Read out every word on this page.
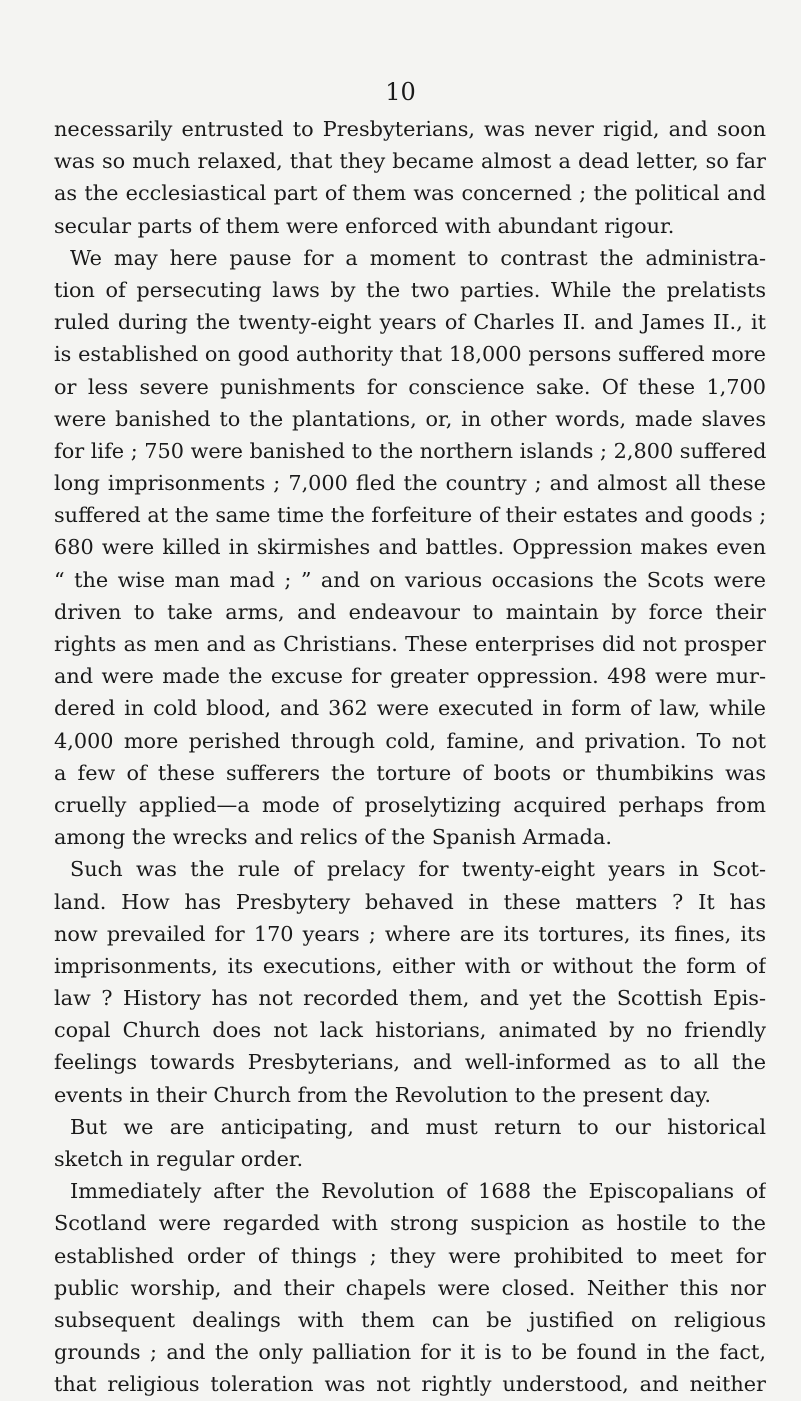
10
necessarily entrusted to Presbyterians, was never rigid, and soon
was so much relaxed, that they became almost a dead letter, so far
as the ecclesiastical part of them was concerned ; the political and
secular parts of them were enforced with abundant rigour.
We may here pause for a moment to contrast the administra-
tion of persecuting laws by the two parties. While the prelatists
ruled during the twenty-eight years of Charles II. and James II., it
is established on good authority that 18,000 persons suffered more
or less severe punishments for conscience sake. Of these 1,700
were banished to the plantations, or, in other words, made slaves
for life ; 750 were banished to the northern islands ; 2,800 suffered
long imprisonments ; 7,000 fled the country ; and almost all these
suffered at the same time the forfeiture of their estates and goods ;
680 were killed in skirmishes and battles. Oppression makes even
“ the wise man mad ; ” and on various occasions the Scots were
driven to take arms, and endeavour to maintain by force their
rights as men and as Christians. These enterprises did not prosper
and were made the excuse for greater oppression. 498 were mur-
dered in cold blood, and 362 were executed in form of law, while
4,000 more perished through cold, famine, and privation. To not
a few of these sufferers the torture of boots or thumbikins was
cruelly applied—a mode of proselytizing acquired perhaps from
among the wrecks and relics of the Spanish Armada.
Such was the rule of prelacy for twenty-eight years in Scot-
land. How has Presbytery behaved in these matters ? It has
now prevailed for 170 years ; where are its tortures, its fines, its
imprisonments, its executions, either with or without the form of
law ? History has not recorded them, and yet the Scottish Epis-
copal Church does not lack historians, animated by no friendly
feelings towards Presbyterians, and well-informed as to all the
events in their Church from the Revolution to the present day.
But we are anticipating, and must return to our historical
sketch in regular order.
Immediately after the Revolution of 1688 the Episcopalians of
Scotland were regarded with strong suspicion as hostile to the
established order of things ; they were prohibited to meet for
public worship, and their chapels were closed. Neither this nor
subsequent dealings with them can be justified on religious
grounds ; and the only palliation for it is to be found in the fact,
that religious toleration was not rightly understood, and neither
